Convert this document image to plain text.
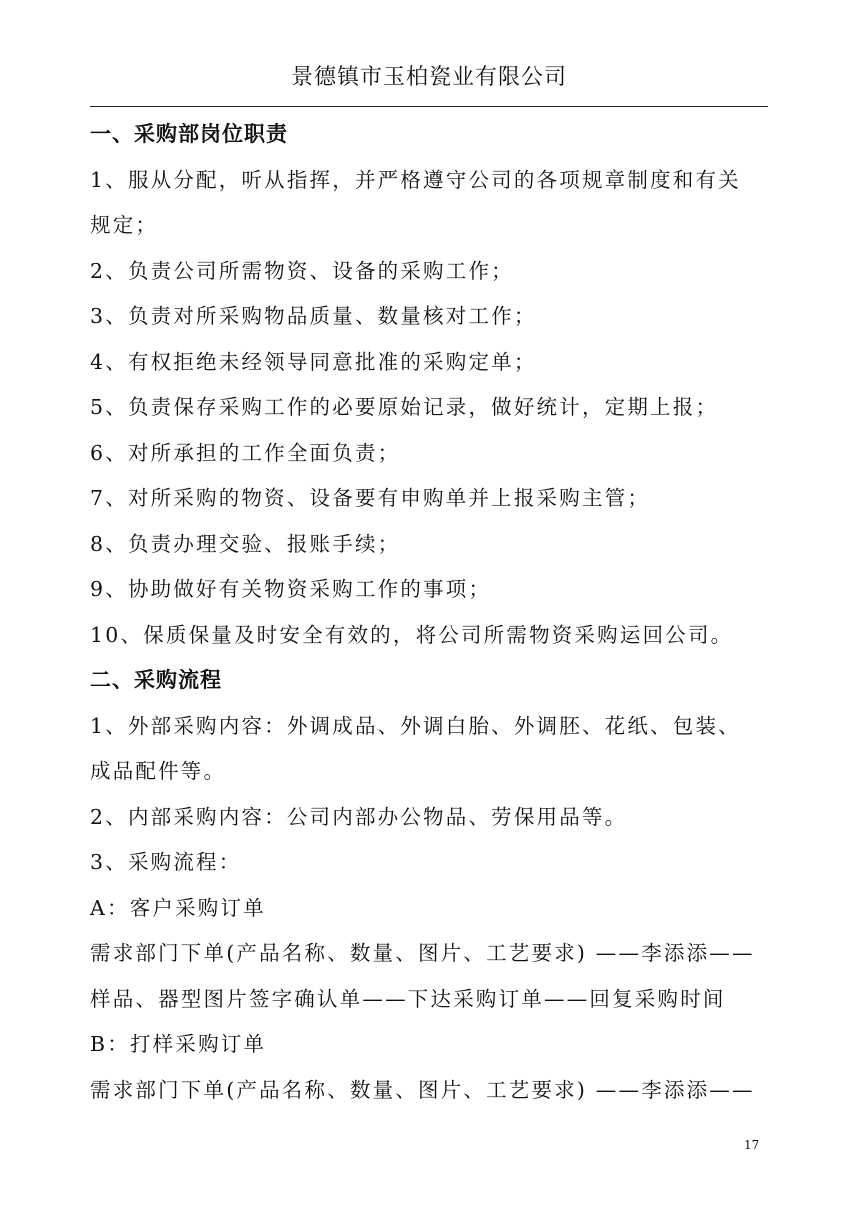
景德镇市玉柏瓷业有限公司
一、采购部岗位职责
1、服从分配，听从指挥，并严格遵守公司的各项规章制度和有关
规定；
2、负责公司所需物资、设备的采购工作；
3、负责对所采购物品质量、数量核对工作；
4、有权拒绝未经领导同意批准的采购定单；
5、负责保存采购工作的必要原始记录，做好统计，定期上报；
6、对所承担的工作全面负责；
7、对所采购的物资、设备要有申购单并上报采购主管；
8、负责办理交验、报账手续；
9、协助做好有关物资采购工作的事项；
10、保质保量及时安全有效的，将公司所需物资采购运回公司。
二、采购流程
1、外部采购内容：外调成品、外调白胎、外调胚、花纸、包装、
成品配件等。
2、内部采购内容：公司内部办公物品、劳保用品等。
3、采购流程：
A：客户采购订单
需求部门下单(产品名称、数量、图片、工艺要求) ——李添添——
样品、器型图片签字确认单——下达采购订单——回复采购时间
B：打样采购订单
需求部门下单(产品名称、数量、图片、工艺要求) ——李添添——
17
